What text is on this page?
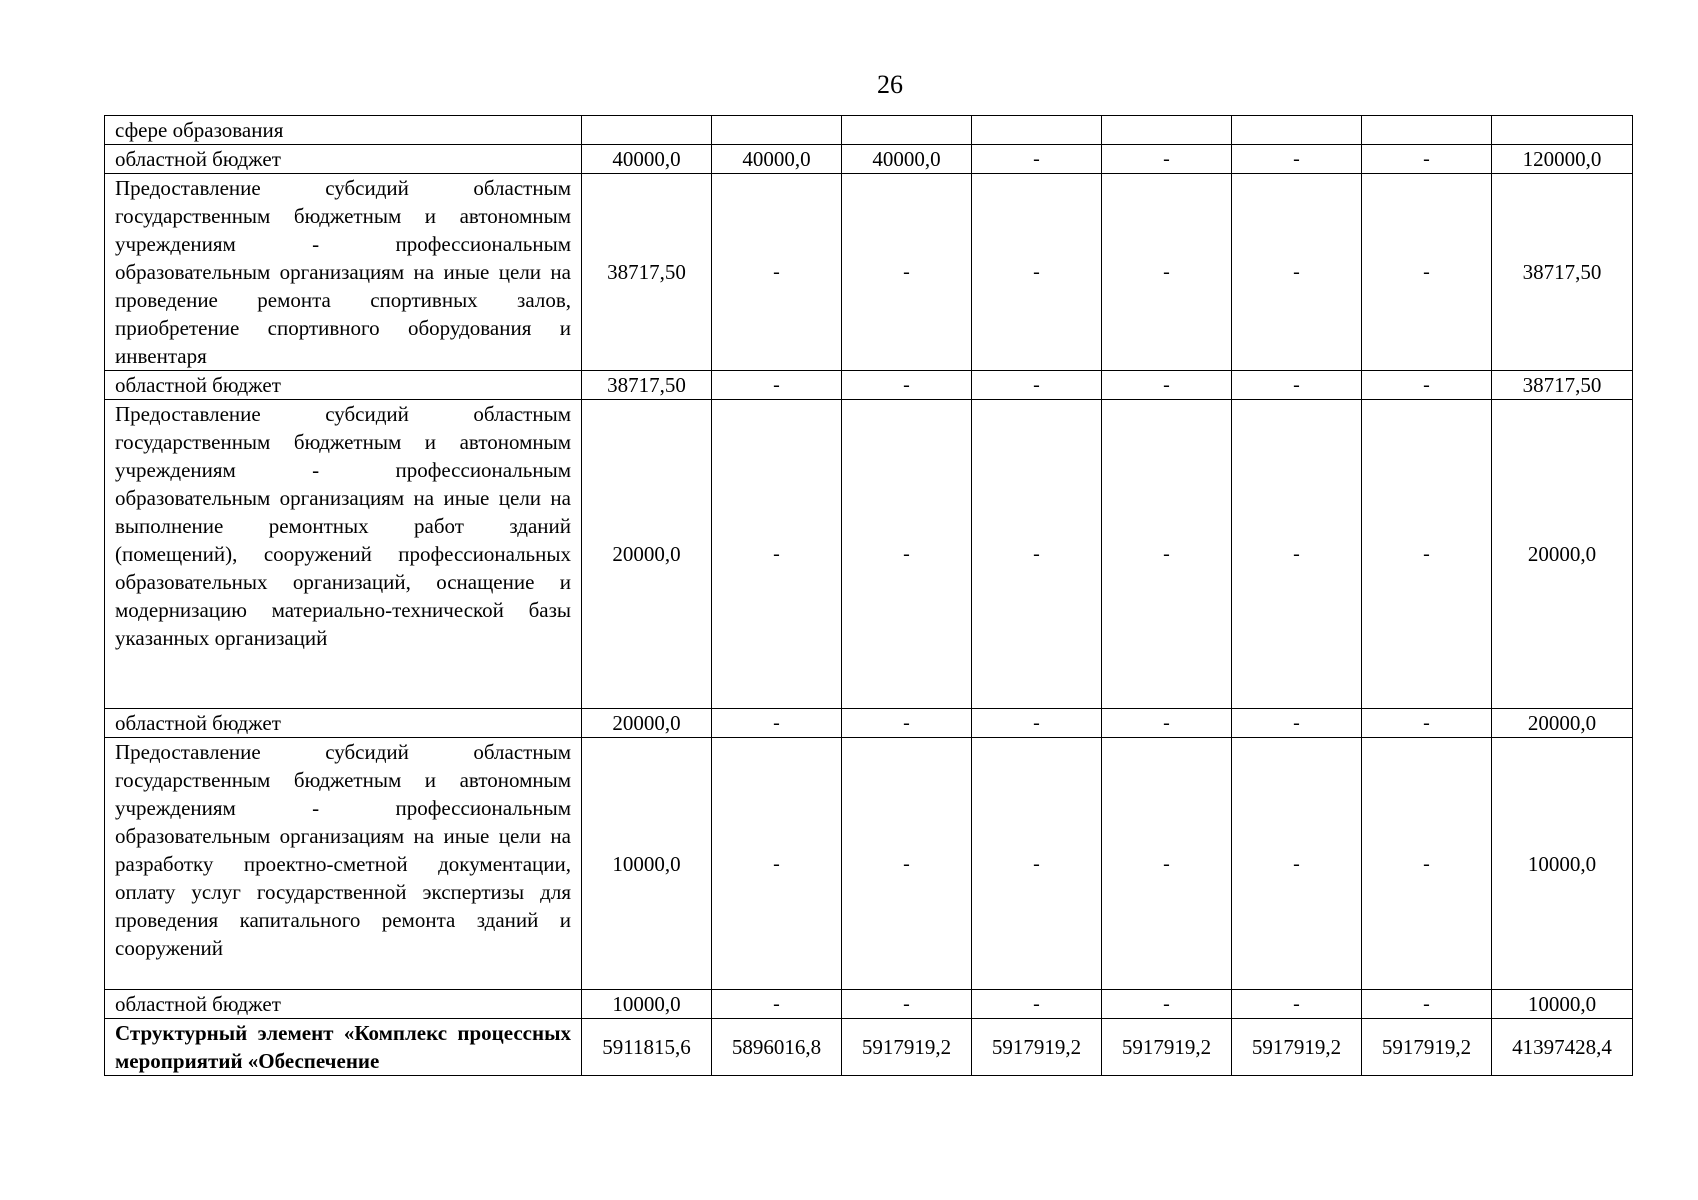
26
сфере образования								
областной бюджет	40000,0	40000,0	40000,0	-	-	-	-	120000,0
Предоставление субсидий областным государственным бюджетным и автономным учреждениям - профессиональным образовательным организациям на иные цели на проведение ремонта спортивных залов, приобретение спортивного оборудования и инвентаря	38717,50	-	-	-	-	-	-	38717,50
областной бюджет	38717,50	-	-	-	-	-	-	38717,50
Предоставление субсидий областным государственным бюджетным и автономным учреждениям - профессиональным образовательным организациям на иные цели на выполнение ремонтных работ зданий (помещений), сооружений профессиональных образовательных организаций, оснащение и модернизацию материально-технической базы указанных организаций	20000,0	-	-	-	-	-	-	20000,0
областной бюджет	20000,0	-	-	-	-	-	-	20000,0
Предоставление субсидий областным государственным бюджетным и автономным учреждениям - профессиональным образовательным организациям на иные цели на разработку проектно-сметной документации, оплату услуг государственной экспертизы для проведения капитального ремонта зданий и сооружений	10000,0	-	-	-	-	-	-	10000,0
областной бюджет	10000,0	-	-	-	-	-	-	10000,0
Структурный элемент «Комплекс процессных мероприятий «Обеспечение	5911815,6	5896016,8	5917919,2	5917919,2	5917919,2	5917919,2	5917919,2	41397428,4
